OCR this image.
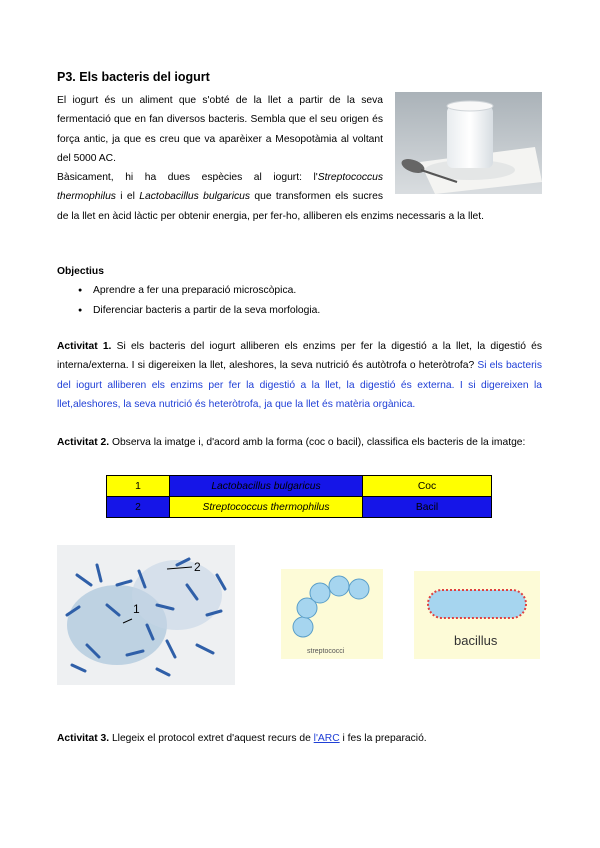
P3. Els bacteris del iogurt
El iogurt és un aliment que s'obté de la llet a partir de la seva fermentació que en fan diversos bacteris. Sembla que el seu origen és força antic, ja que es creu que va aparèixer a Mesopotàmia al voltant del 5000 AC.
Bàsicament, hi ha dues espècies al iogurt: l'Streptococcus thermophilus i el Lactobacillus bulgaricus que transformen els sucres de la llet en àcid làctic per obtenir energia, per fer-ho, alliberen els enzims necessaris a la llet.
Objectius
● Aprendre a fer una preparació microscòpica.
● Diferenciar bacteris a partir de la seva morfologia.
Activitat 1. Si els bacteris del iogurt alliberen els enzims per fer la digestió a la llet, la digestió és interna/externa. I si digereixen la llet, aleshores, la seva nutrició és autòtrofa o heteròtrofa? Si els bacteris del iogurt alliberen els enzims per fer la digestió a la llet, la digestió és externa. I si digereixen la llet,aleshores, la seva nutrició és heteròtrofa, ja que la llet és matèria orgànica.
Activitat 2. Observa la imatge i, d'acord amb la forma (coc o bacil), classifica els bacteris de la imatge:
1	Lactobacillus bulgaricus	Coc
2	Streptococcus thermophilus	Bacil
1
2
streptococci
bacillus
Activitat 3. Llegeix el protocol extret d'aquest recurs de l'ARC i fes la preparació.
